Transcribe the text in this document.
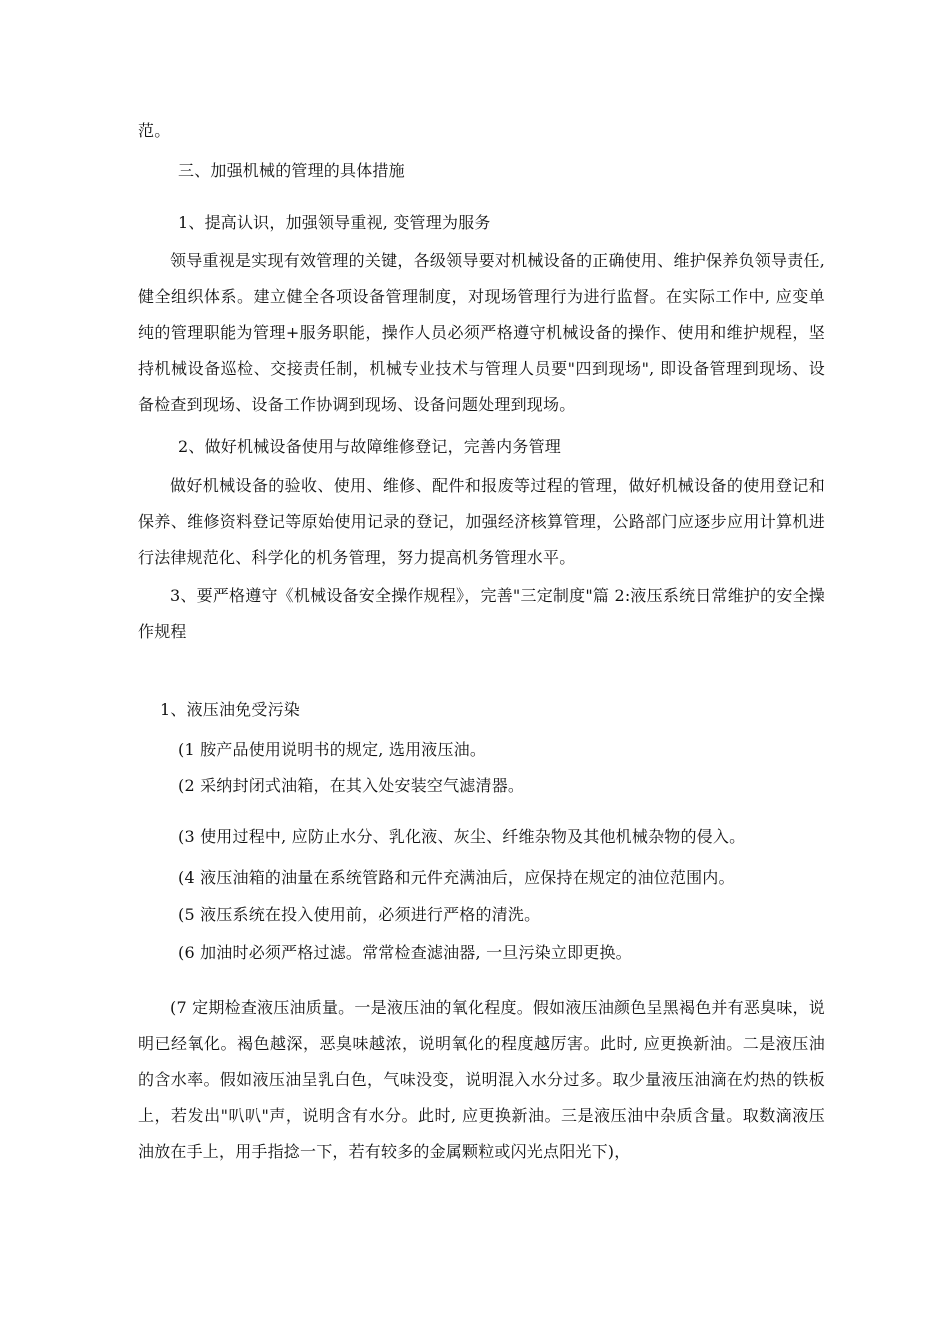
范。
三、加强机械的管理的具体措施
1、提高认识，加强领导重视, 变管理为服务
领导重视是实现有效管理的关键，各级领导要对机械设备的正确使用、维护保养负领导责任, 健全组织体系。建立健全各项设备管理制度，对现场管理行为进行监督。在实际工作中, 应变单纯的管理职能为管理+服务职能，操作人员必须严格遵守机械设备的操作、使用和维护规程，坚持机械设备巡检、交接责任制，机械专业技术与管理人员要"四到现场", 即设备管理到现场、设备检查到现场、设备工作协调到现场、设备问题处理到现场。
2、做好机械设备使用与故障维修登记，完善内务管理
做好机械设备的验收、使用、维修、配件和报废等过程的管理，做好机械设备的使用登记和保养、维修资料登记等原始使用记录的登记，加强经济核算管理，公路部门应逐步应用计算机进行法律规范化、科学化的机务管理，努力提高机务管理水平。
3、要严格遵守《机械设备安全操作规程》，完善"三定制度"篇 2:液压系统日常维护的安全操作规程
1、液压油免受污染
(1 胺产品使用说明书的规定, 选用液压油。
(2 采纳封闭式油箱，在其入处安装空气滤清器。
(3 使用过程中, 应防止水分、乳化液、灰尘、纤维杂物及其他机械杂物的侵入。
(4 液压油箱的油量在系统管路和元件充满油后，应保持在规定的油位范围内。
(5 液压系统在投入使用前，必须进行严格的清洗。
(6 加油时必须严格过滤。常常检查滤油器, 一旦污染立即更换。
(7 定期检查液压油质量。一是液压油的氧化程度。假如液压油颜色呈黑褐色并有恶臭味，说明已经氧化。褐色越深，恶臭味越浓，说明氧化的程度越厉害。此时, 应更换新油。二是液压油的含水率。假如液压油呈乳白色，气味没变，说明混入水分过多。取少量液压油滴在灼热的铁板上，若发出"叭叭"声，说明含有水分。此时, 应更换新油。三是液压油中杂质含量。取数滴液压油放在手上，用手指捻一下，若有较多的金属颗粒或闪光点阳光下)，
